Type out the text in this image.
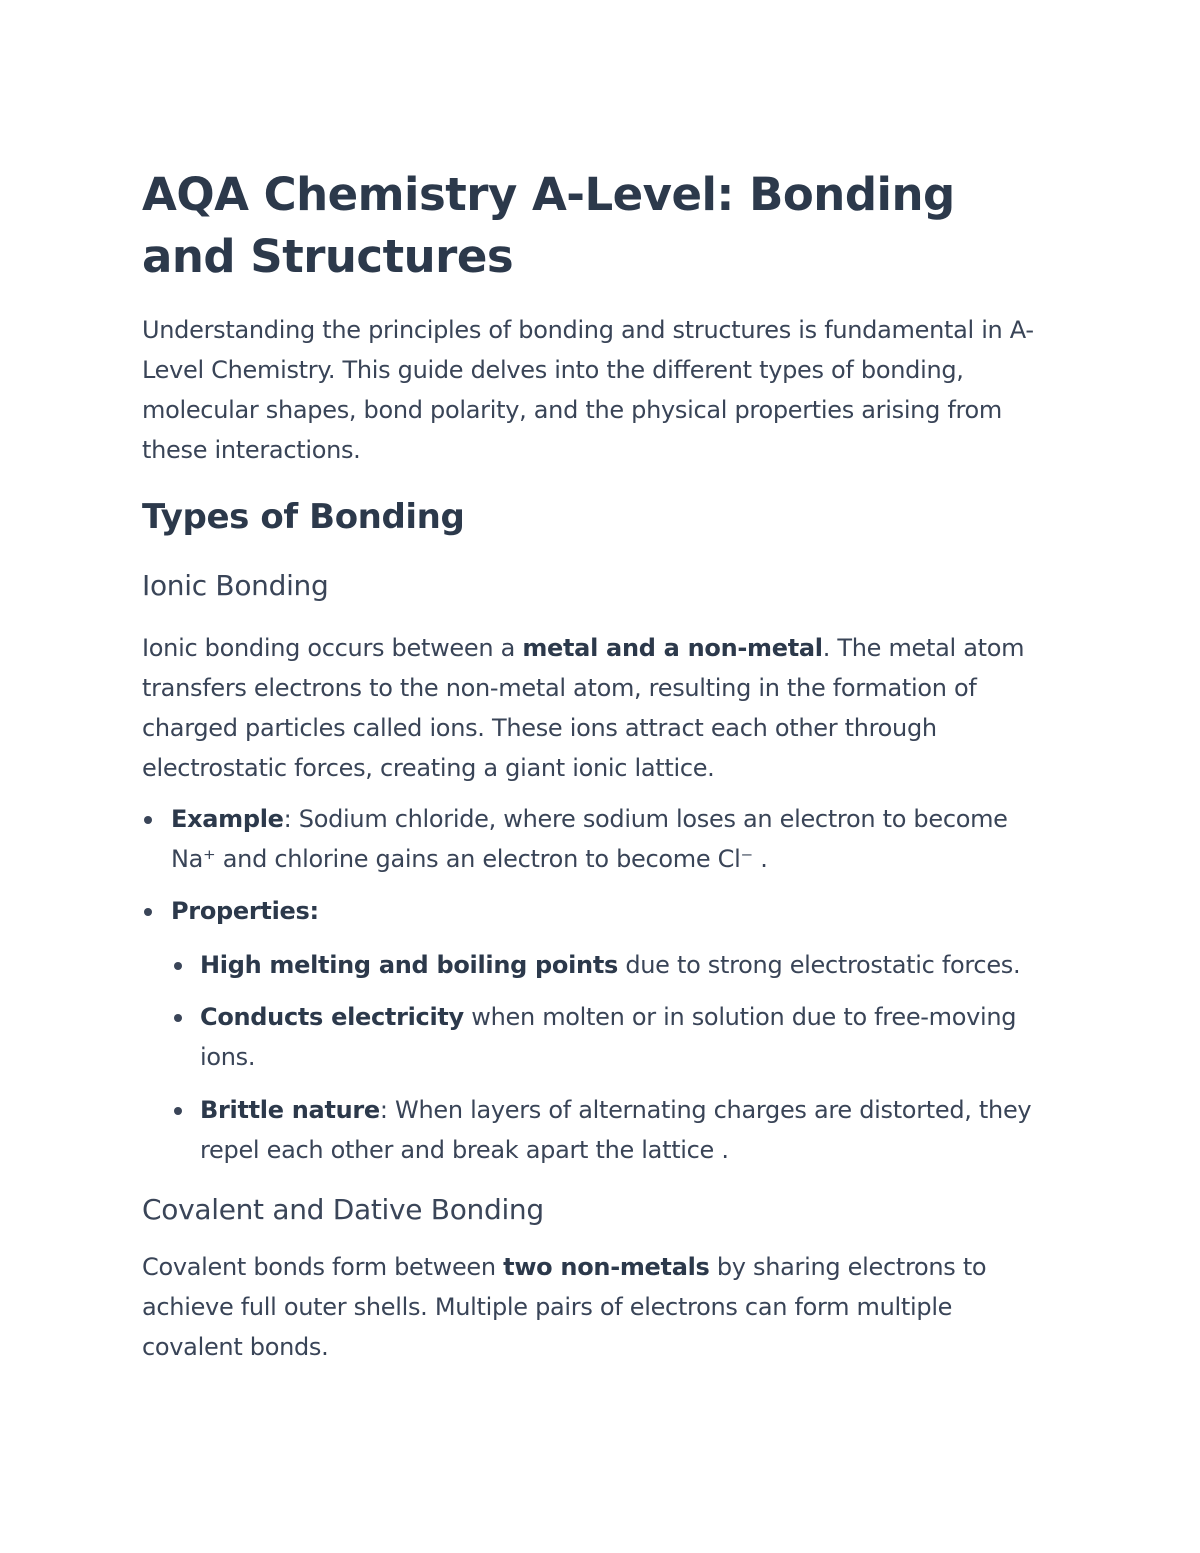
AQA Chemistry A-Level: Bonding and Structures

Understanding the principles of bonding and structures is fundamental in A-Level Chemistry. This guide delves into the different types of bonding, molecular shapes, bond polarity, and the physical properties arising from these interactions.

Types of Bonding
Ionic Bonding

Ionic bonding occurs between a metal and a non-metal. The metal atom transfers electrons to the non-metal atom, resulting in the formation of charged particles called ions. These ions attract each other through electrostatic forces, creating a giant ionic lattice.

Example: Sodium chloride, where sodium loses an electron to become Na⁺ and chlorine gains an electron to become Cl⁻ .

Properties:

High melting and boiling points due to strong electrostatic forces.

Conducts electricity when molten or in solution due to free-moving ions.

Brittle nature: When layers of alternating charges are distorted, they repel each other and break apart the lattice .

Covalent and Dative Bonding

Covalent bonds form between two non-metals by sharing electrons to achieve full outer shells. Multiple pairs of electrons can form multiple covalent bonds.
